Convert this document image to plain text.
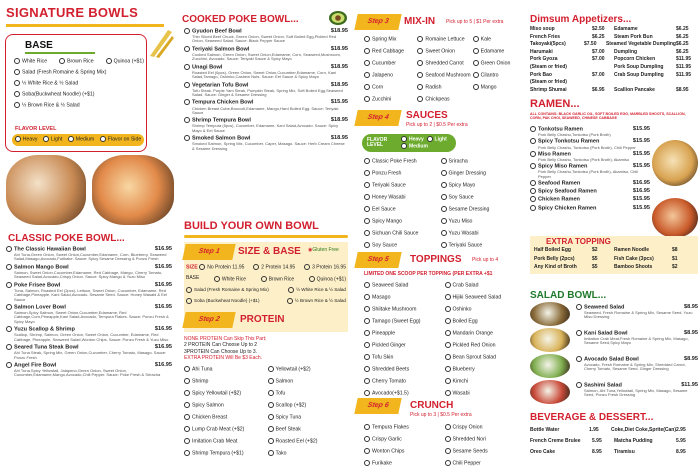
SIGNATURE BOWLS
BASE
White Rice	Brown Rice	Quinoa (+$1)
Salad (Fresh Romaine & Spring Mix)
½ White Rice & ½ Salad
Soba(Buckwheat Noodle) (+$1)
½ Brown Rice & ½ Salad
FLAVOR LEVEL
Heavy	Light	Medium	Flavor on Side
CLASSIC POKE BOWL...
The Classic Hawaiian Bowl	$16.95
Ahi Tuna,Green Onion, Sweet Onion,Cucumber,Edamame, Corn, Blueberry, Seaweed Salad,Masago,Avocado,Furikake. Sauce: Spicy Sesame Dressing & Ponzu Fresh
Salmon Mango Bowl	$16.95
Salmon, Sweet Onion,Cucumber,Edamame, Red Cabbage, Mango, Cherry Tomato, Seaweed Salad,Avocado,Crispy Onion. Sauce: Spicy Mango & Yuzu Miso
Poke Frisee Bowl	$16.95
Tuna, Salmon, Roasted Eel (2pcs), Lettuce, Sweet Onion, Cucumber, Edamame, Red Cabbage,Pineapple, Kani Salad,Avocado. Sesame Seed. Sauce: Honey Wasabi & Eel Sauce
Salmon Lover Bowl	$16.95
Salmon,Spicy Salmon, Sweet Onion,Cucumber,Edamame, Red Cabbage,Corn,Pineapple,Kani Salad,Avocado, Tempura Flakes. Sauce: Ponzu Fresh & Spicy Mayo
Yuzu Scallop & Shrimp	$16.95
Scallop, Shrimp, Salmon, Green Onion, Sweet Onion, Cucumber, Edamame, Red Cabbage, Pineapple, Seaweed Salad,Wonton Chips. Sauce: Ponzu Fresh & Yuzu Miso
Seared Tuna Steak Bowl	$16.95
Ahi Tuna Steak, Spring Mix, Green Onion,Cucumber, Cherry Tomato, Masago. Sauce: Ponzu Fresh
Angel Fire Bowl	$16.95
Ahi Tuna,Spicy Yellowtail, Jalapeno,Green Onion, Sweet Onion, Cucumber,Edamame,Mango,Avocado,Chili Pepper. Sauce: Poke Fresh & Sriracha
COOKED POKE BOWL...
Gyudon Beef Bowl	$18.95
Thin Sliced Beef Chuck, Green Onion, Sweet Onion, Soft Boiled Egg,Pickled Red Onion, Seaweed Salad. Sauce: Black Pepper Sauce
Teriyaki Salmon Bowl	$18.95
Cooked Salmon, Green Onion, Sweet Onion,Edamame, Corn, Seaweed,Mushroom, Zucchini, Avocado. Sauce: Teriyaki Sauce & Spicy Mayo
Unagi Bowl	$18.95
Roasted Eel (6pcs), Green Onion, Sweet Onion,Cucumber,Edamame, Corn, Kani Salad,Tamago, Oshinko,Cashew Nuts. Sauce: Eel Sauce & Spicy Mayo
Vegetarian Tofu Bowl	$18.95
Tofu Steak, Purple Yam Steak, Pumpkin Steak, Spring Mix, Soft Boiled Egg,Seaweed Salad. Sauce: Ginger & Sesame Dressing
Tempura Chicken Bowl	$15.95
Chicken Breast Cube,Broccoli,Edamame, Mango,Hard Boiled Egg. Sauce: Teriyaki Sauce
Shrimp Tempura Bowl	$18.95
Shrimp Tempura (5pcs), Cucumber, Edamame, Kani Salad,Avocado. Sauce: Spicy Mayo & Eel Sauce
Smoked Salmon Bowl	$18.95
Smoked Salmon, Spring Mix, Cucumber, Caper, Masago. Sauce: Herb Cream Cheese & Sesame Dressing
BUILD YOUR OWN BOWL
Step 1 SIZE & BASE ◉Gluten Free
SIZE No Protein 11.95	2 Protein 14.95	3 Protein 16.95
BASE	White Rice	Brown Rice	Quinoa (+$1)
Salad (Fresh Romaine & Spring Mix)	½ White Rice & ½ Salad
Soba (Buckwheat Noodle) (+$1)	½ Brown Rice & ½ Salad
Step 2 PROTEIN
NONE PROTEIN Can Skip This Part;
2 PROTEIN Can Choose Up to 2
3PROTEIN Can Choose Up to 3.
EXTRA PROTEIN Will Be $3 Each.
Ahi Tuna	Yellowtail (+$2)
Shrimp	Salmon
Spicy Yellowtail (+$2)	Tofu
Spicy Salmon	Scallop (+$2)
Chicken Breast	Spicy Tuna
Lump Crab Meat (+$2)	Beef Steak
Imitation Crab Meat	Roasted Eel (+$2)
Shrimp Tempura (+$1)	Tako
Step 3 MIX-IN Pick up to 5 | $1 Per extra
Spring Mix	Romaine Lettuce	Kale
Red Cabbage	Sweet Onion	Edamame
Cucumber	Shredded Carrot	Green Onion
Jalapeno	Seafood Mushroom	Cilantro
Corn	Radish	Mango
Zucchini	Chickpeas
Step 4 SAUCES
Pick up to 2 | $0.5 Per extra
FLAVOR LEVEL
Heavy Light
Medium
Classic Poke Fresh	Sriracha
Ponzu Fresh	Ginger Dressing
Teriyaki Sauce	Spicy Mayo
Honey Wasabi	Soy Sauce
Eel Sauce	Sesame Dressing
Spicy Mango	Yuzu Miso
Sichuan Chili Sauce	Yuzu Wasabi
Soy Sauce	Teriyaki Sauce
Step 5 TOPPINGS Pick up to 4
LIMITED ONE SCOOP PER TOPPING (PER EXTRA +$1
Seaweed Salad	Crab Salad
Masago	Hijiki Seaweed Salad
Shiitake Mushroom	Oshinko
Tamago (Sweet Egg)	Boiled Egg
Pineapple	Mandarin Orange
Pickled Ginger	Pickled Red Onion
Tofu Skin	Bean Sprout Salad
Shredded Beets	Blueberry
Cherry Tomato	Kimchi
Avocado(+$1.5)	Wasabi
Step 6 CRUNCH
Pick up to 3 | $0.5 Per extra
Tempura Flakes	Crispy Onion
Crispy Garlic	Shredded Nori
Wonton Chips	Sesame Seeds
Furikake	Chili Pepper
Dimsum Appetizers...
Miso soup	$2.50	Edamame	$6.25
French Fries	$6.25	Steam Pork Bun	$6.25
Takoyaki(5pcs)	$7.50	Steamed Vegetable Dumpling $6.25
Harumaki	$7.00	Dumpling	$6.25
Pork Gyoza	$7.00	Popcorn Chicken	$11.95
(Steam or fried)	Pork Soup Dumpling	$11.95
Pork Bao	$7.00	Crab Soup Dumpling	$11.95
(Steam or fried)
Shrimp Shumai	$6.95	Scallion Pancake	$8.95
RAMEN...
ALL CONTAINS: BLACK GARLIC OIL, SOFT BOILED EGG, MARBLED SHOOTS, SCALLION, CORN, PAK CHOI, SEAWEED, CHINESE CABBAGE
Tonkotsu Ramen	$15.95
Pork Belly Chashu,Tonkotsu (Pork Broth)
Spicy Tonkotsu Ramen	$15.95
Pork Belly Chashu, Tonkotsu (Pork Broth), Chili Pepper
Miso Ramen	$15.95
Pork Belly Chashu, Tonkotsu (Pork Broth), Akamiso
Spicy Miso Ramen	$15.95
Pork Belly Chashu,Tonkotsu (Pork Broth), Akamiso, Chili Pepper
Seafood Ramen	$16.95
Spicy Seafood Ramen	$16.95
Chicken Ramen	$15.95
Spicy Chicken Ramen	$15.95
EXTRA TOPPING
Half Boiled Egg	$2	Ramen Noodle	$8
Pork Belly (2pcs)	$5	Fish Cake (3pcs)	$1
Any Kind of Broth	$5	Bamboo Shoots	$2
SALAD BOWL...
Seaweed Salad	$8.95
Seaweed, Fresh Romaine & Spring Mix, Sesame Seed, Yuzu Miso Dressing
Kani Salad Bowl	$8.95
Imitation Crab Meat,Fresh Romaine & Spring Mix, Masago, Sesame Seed,Spicy Mayo
Avocado Salad Bowl	$8.95
Avocado, Fresh Romaine & Spring Mix, Shredded Carrot, Cherry Tomato, Sesame Seed, Ginger Dressing
Sashimi Salad	$11.95
Salmon, Ahi Tuna,Yellowtail, Spring Mix, Masago, Sesame Seed, Ponzu Fresh Dressing
BEVERAGE & DESSERT...
Bottle Water	1.95	Coke,Diet Coke,Sprite(Can) 2.95
French Creme Brulee	5.95	Matcha Pudding	5.95
Oreo Cake	8.95	Tiramisu	8.95
